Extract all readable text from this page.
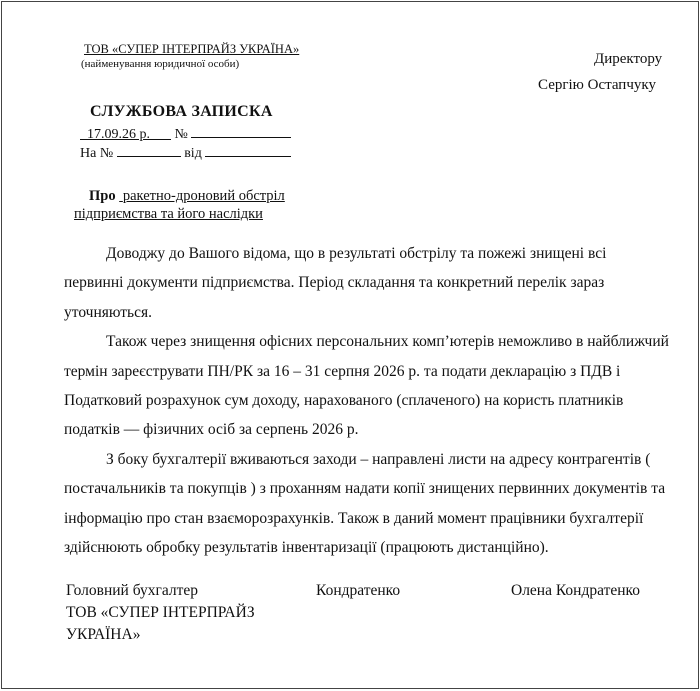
ТОВ «СУПЕР ІНТЕРПРАЙЗ УКРАЇНА»
(найменування юридичної особи)	Директору
Сергію Остапчуку
СЛУЖБОВА ЗАПИСКА
17.09.26 р. №
На №	від
Про ракетно-дроновий обстріл
підприємства та його наслідки

Доводжу до Вашого відома, що в результаті обстрілу та пожежі знищені всі
первинні документи підприємства. Період складання та конкретний перелік зараз
уточняються.

Також через знищення офісних персональних комп’ютерів неможливо в найближчий
термін зареєструвати ПН/РК за 16 – 31 серпня 2026 р. та подати декларацію з ПДВ і
Податковий розрахунок сум доходу, нарахованого (сплаченого) на користь платників
податків — фізичних осіб за серпень 2026 р.

З боку бухгалтерії вживаються заходи – направлені листи на адресу контрагентів (
постачальників та покупців ) з проханням надати копії знищених первинних документів та
інформацію про стан взаєморозрахунків. Також в даний момент працівники бухгалтерії
здійснюють обробку результатів інвентаризації (працюють дистанційно).

Головний бухгалтер
ТОВ «СУПЕР ІНТЕРПРАЙЗ
УКРАЇНА»
Кондратенко	Олена Кондратенко
